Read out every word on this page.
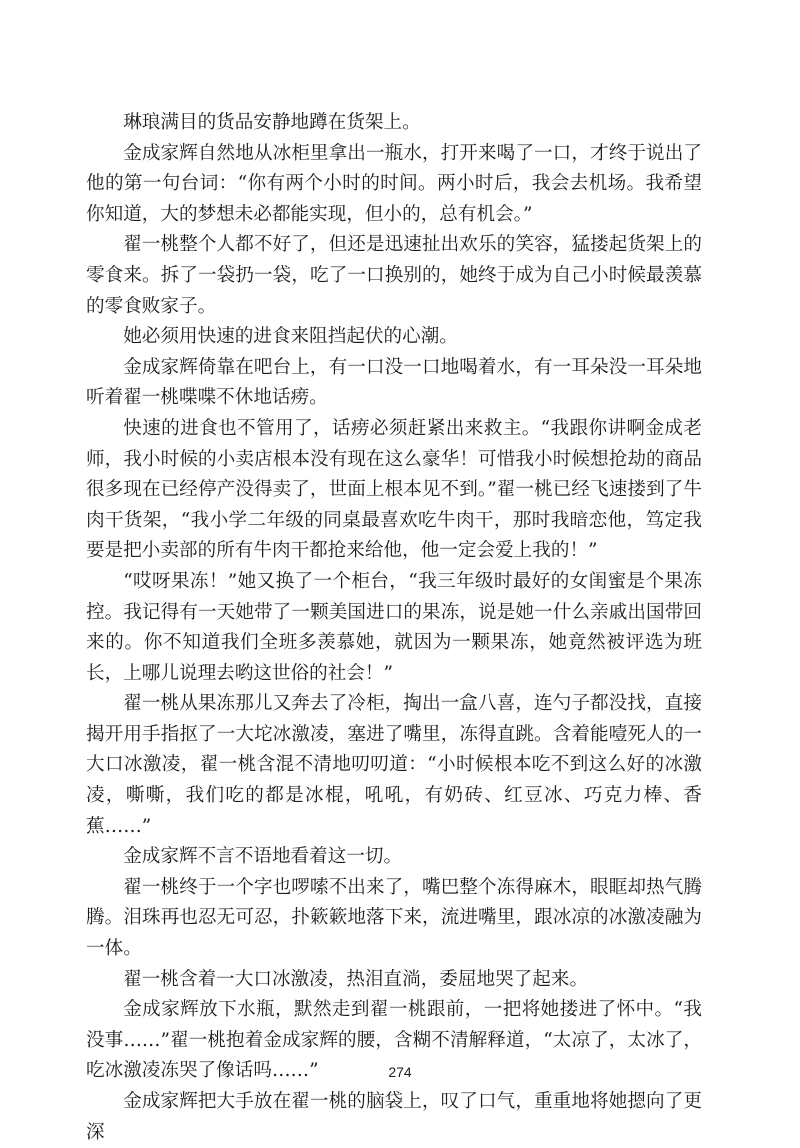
琳琅满目的货品安静地蹲在货架上。

金成家辉自然地从冰柜里拿出一瓶水，打开来喝了一口，才终于说出了他的第一句台词：“你有两个小时的时间。两小时后，我会去机场。我希望你知道，大的梦想未必都能实现，但小的，总有机会。”

翟一桃整个人都不好了，但还是迅速扯出欢乐的笑容，猛搂起货架上的零食来。拆了一袋扔一袋，吃了一口换别的，她终于成为自己小时候最羡慕的零食败家子。

她必须用快速的进食来阻挡起伏的心潮。

金成家辉倚靠在吧台上，有一口没一口地喝着水，有一耳朵没一耳朵地听着翟一桃喋喋不休地话痨。

快速的进食也不管用了，话痨必须赶紧出来救主。“我跟你讲啊金成老师，我小时候的小卖店根本没有现在这么豪华！可惜我小时候想抢劫的商品很多现在已经停产没得卖了，世面上根本见不到。”翟一桃已经飞速搂到了牛肉干货架，“我小学二年级的同桌最喜欢吃牛肉干，那时我暗恋他，笃定我要是把小卖部的所有牛肉干都抢来给他，他一定会爱上我的！”

“哎呀果冻！”她又换了一个柜台，“我三年级时最好的女闺蜜是个果冻控。我记得有一天她带了一颗美国进口的果冻，说是她一什么亲戚出国带回来的。你不知道我们全班多羡慕她，就因为一颗果冻，她竟然被评选为班长，上哪儿说理去哟这世俗的社会！”

翟一桃从果冻那儿又奔去了冷柜，掏出一盒八喜，连勺子都没找，直接揭开用手指抠了一大坨冰激凌，塞进了嘴里，冻得直跳。含着能噎死人的一大口冰激凌，翟一桃含混不清地叨叨道：“小时候根本吃不到这么好的冰激凌，嘶嘶，我们吃的都是冰棍，吼吼，有奶砖、红豆冰、巧克力棒、香蕉……”

金成家辉不言不语地看着这一切。

翟一桃终于一个字也啰嗦不出来了，嘴巴整个冻得麻木，眼眶却热气腾腾。泪珠再也忍无可忍，扑簌簌地落下来，流进嘴里，跟冰凉的冰激凌融为一体。

翟一桃含着一大口冰激凌，热泪直淌，委屈地哭了起来。

金成家辉放下水瓶，默然走到翟一桃跟前，一把将她搂进了怀中。“我没事……”翟一桃抱着金成家辉的腰，含糊不清解释道，“太凉了，太冰了，吃冰激凌冻哭了像话吗……”

金成家辉把大手放在翟一桃的脑袋上，叹了口气，重重地将她摁向了更深

274
